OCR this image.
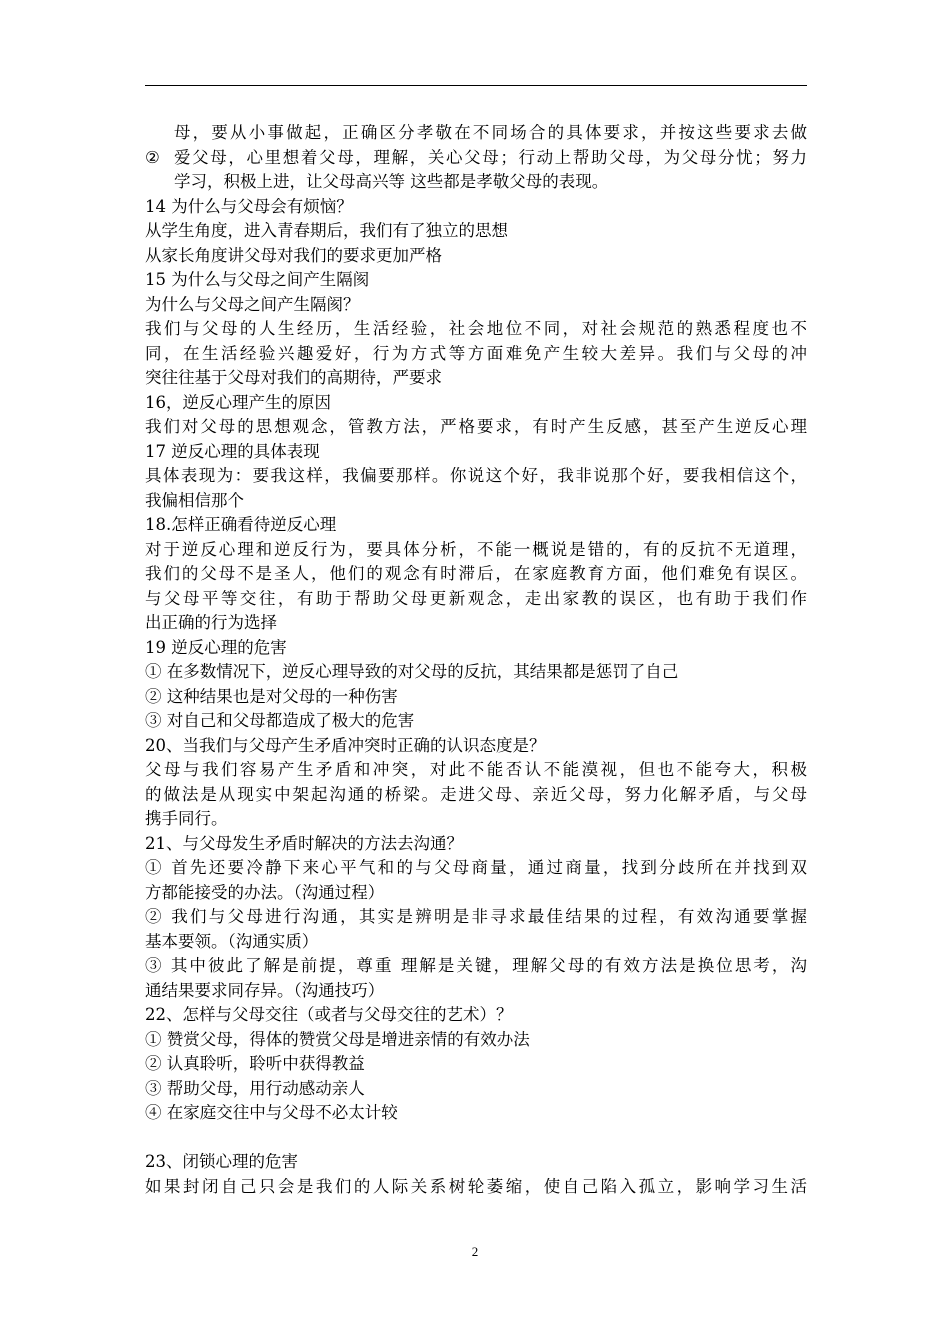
母，要从小事做起，正确区分孝敬在不同场合的具体要求，并按这些要求去做
② 爱父母，心里想着父母，理解，关心父母；行动上帮助父母，为父母分忧；努力
学习，积极上进，让父母高兴等 这些都是孝敬父母的表现。
14 为什么与父母会有烦恼？
从学生角度，进入青春期后，我们有了独立的思想
从家长角度讲父母对我们的要求更加严格
15 为什么与父母之间产生隔阂
为什么与父母之间产生隔阂？
我们与父母的人生经历，生活经验，社会地位不同，对社会规范的熟悉程度也不
同，在生活经验兴趣爱好，行为方式等方面难免产生较大差异。我们与父母的冲
突往往基于父母对我们的高期待，严要求
16，逆反心理产生的原因
我们对父母的思想观念，管教方法，严格要求，有时产生反感，甚至产生逆反心理
17 逆反心理的具体表现
具体表现为：要我这样，我偏要那样。你说这个好，我非说那个好，要我相信这个，
我偏相信那个
18.怎样正确看待逆反心理
对于逆反心理和逆反行为，要具体分析，不能一概说是错的，有的反抗不无道理，
我们的父母不是圣人，他们的观念有时滞后，在家庭教育方面，他们难免有误区。
与父母平等交往，有助于帮助父母更新观念，走出家教的误区，也有助于我们作
出正确的行为选择
19 逆反心理的危害
① 在多数情况下，逆反心理导致的对父母的反抗，其结果都是惩罚了自己
② 这种结果也是对父母的一种伤害
③ 对自己和父母都造成了极大的危害
20、当我们与父母产生矛盾冲突时正确的认识态度是？
父母与我们容易产生矛盾和冲突，对此不能否认不能漠视，但也不能夸大，积极
的做法是从现实中架起沟通的桥梁。走进父母、亲近父母，努力化解矛盾，与父母
携手同行。
21、与父母发生矛盾时解决的方法去沟通？
① 首先还要冷静下来心平气和的与父母商量，通过商量，找到分歧所在并找到双
方都能接受的办法。（沟通过程）
② 我们与父母进行沟通，其实是辨明是非寻求最佳结果的过程，有效沟通要掌握
基本要领。（沟通实质）
③ 其中彼此了解是前提，尊重 理解是关键，理解父母的有效方法是换位思考，沟
通结果要求同存异。（沟通技巧）
22、怎样与父母交往（或者与父母交往的艺术）？
① 赞赏父母，得体的赞赏父母是增进亲情的有效办法
② 认真聆听，聆听中获得教益
③ 帮助父母，用行动感动亲人
④ 在家庭交往中与父母不必太计较
23、闭锁心理的危害
如果封闭自己只会是我们的人际关系树轮萎缩，使自己陷入孤立，影响学习生活
2
